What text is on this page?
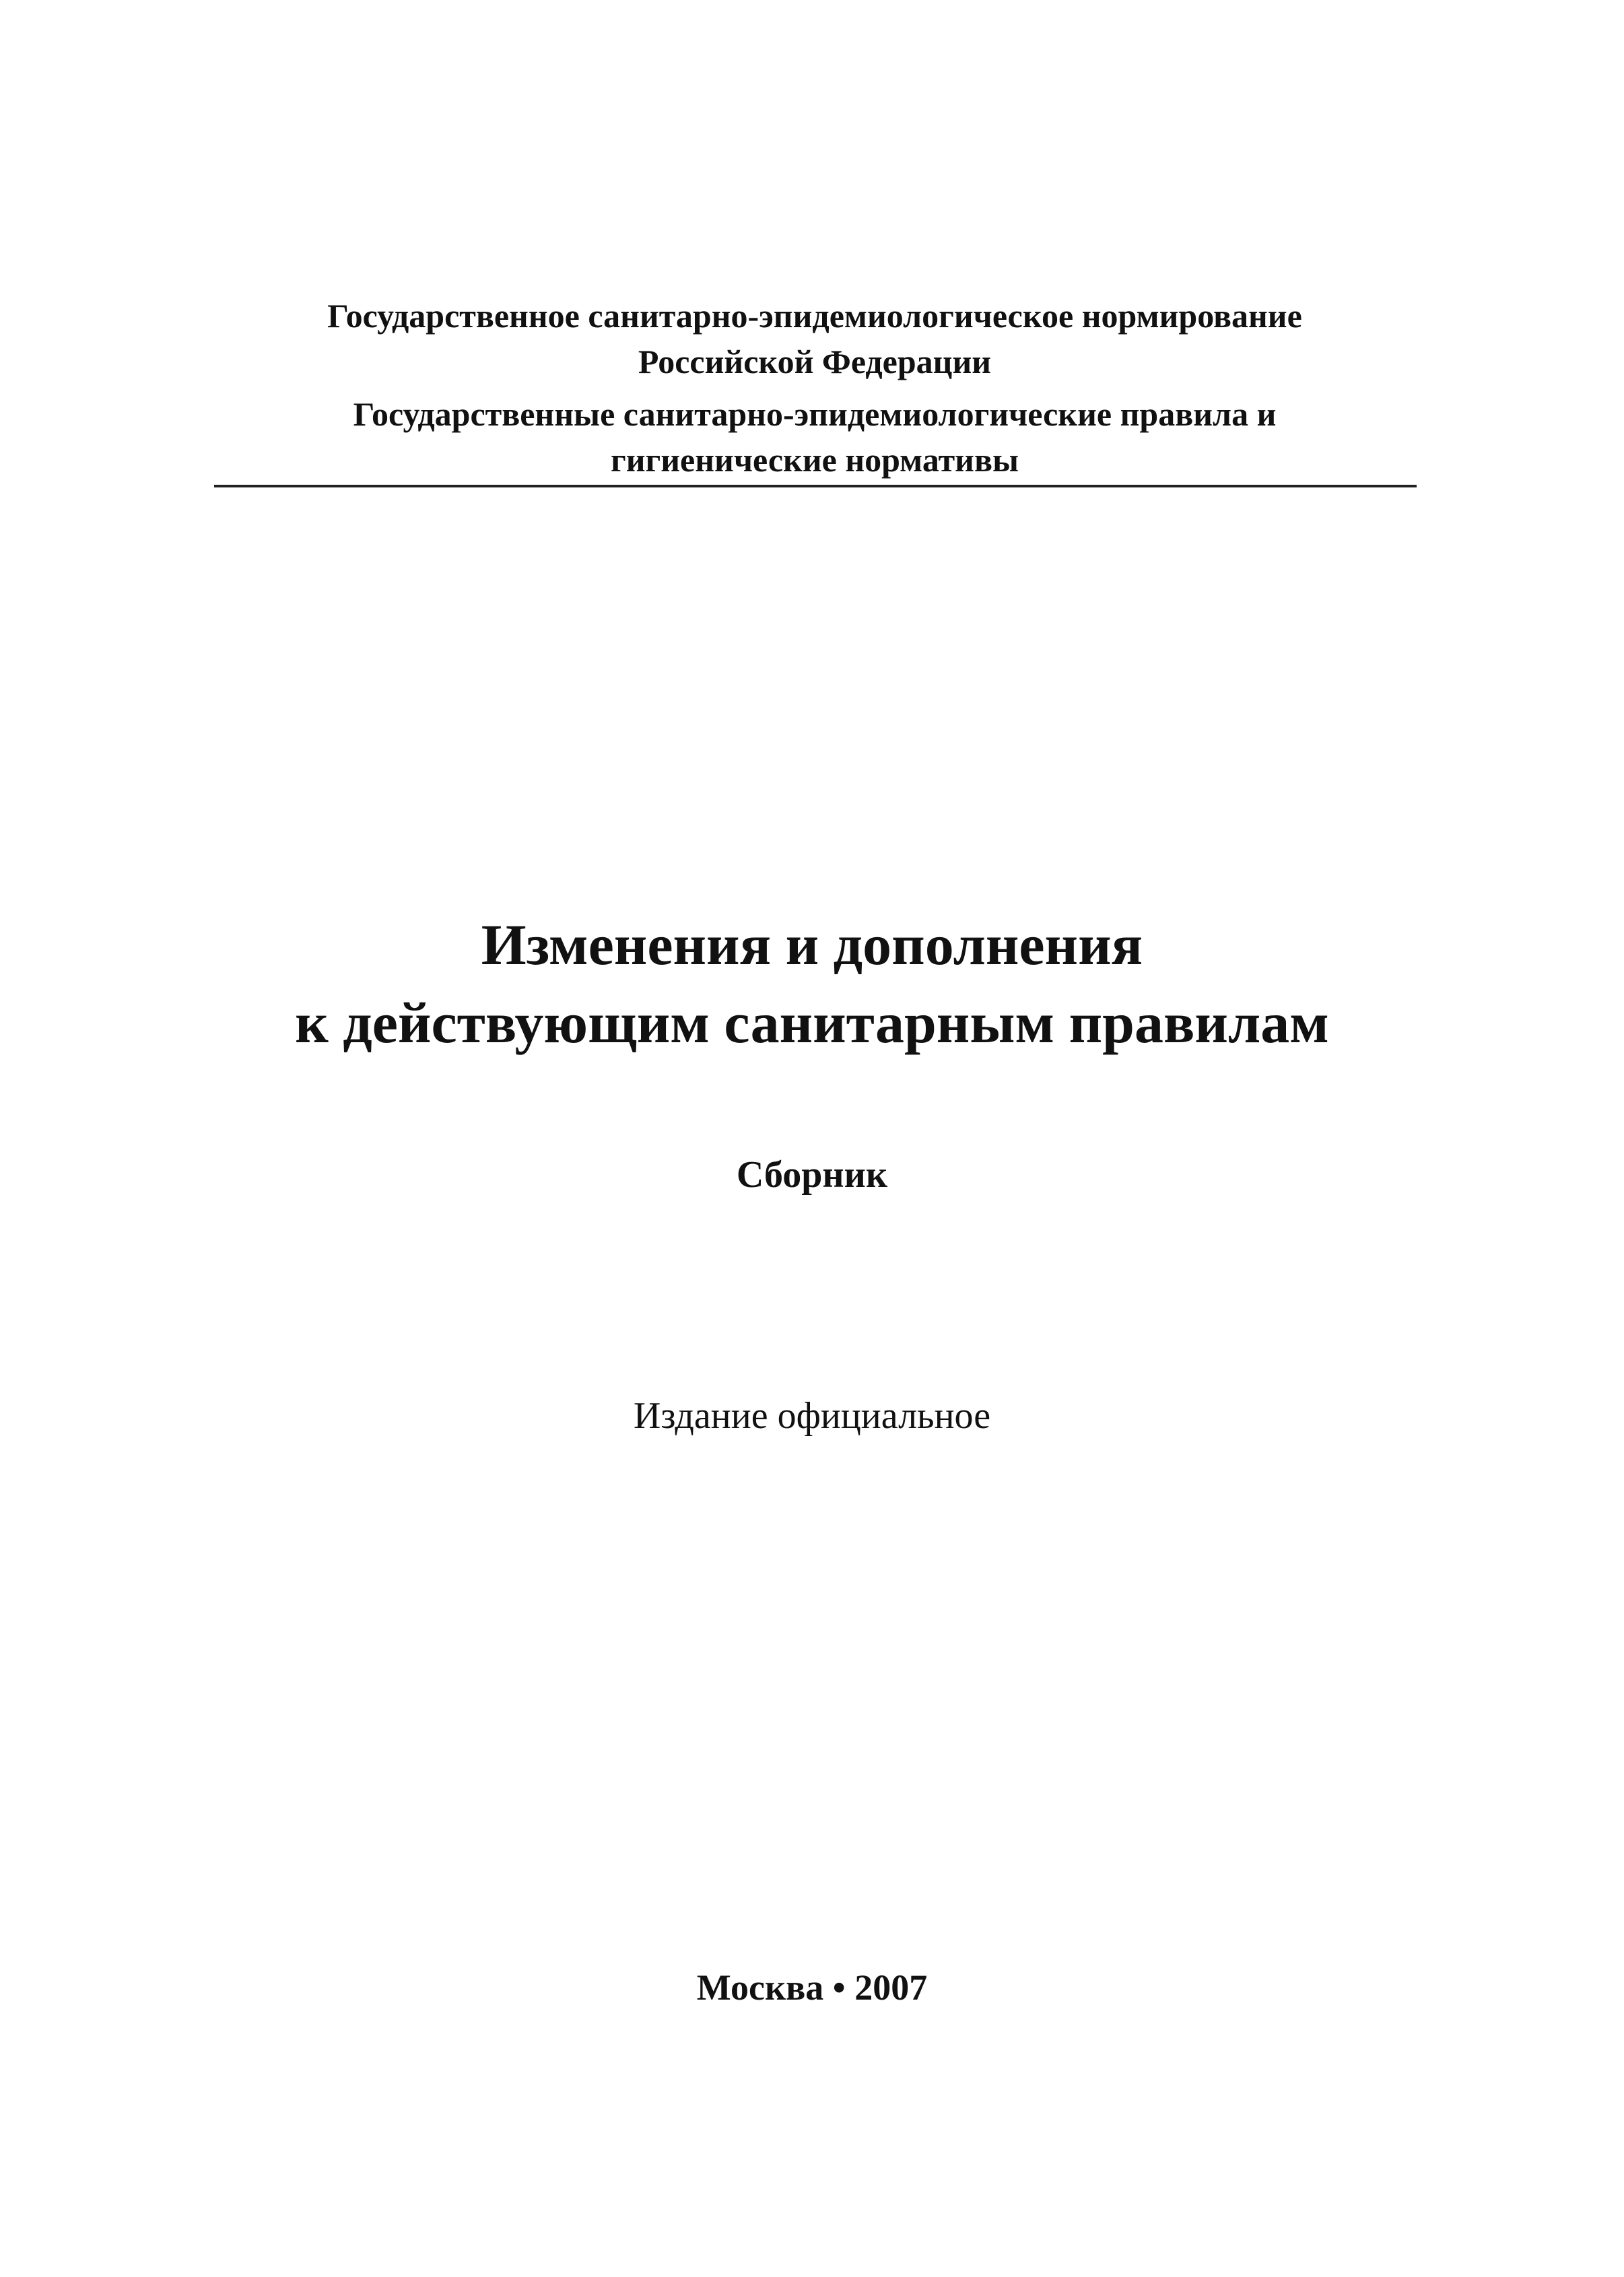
Государственное санитарно-эпидемиологическое нормирование
Российской Федерации
Государственные санитарно-эпидемиологические правила и
гигиенические нормативы
Изменения и дополнения
к действующим санитарным правилам
Сборник
Издание официальное
Москва • 2007
